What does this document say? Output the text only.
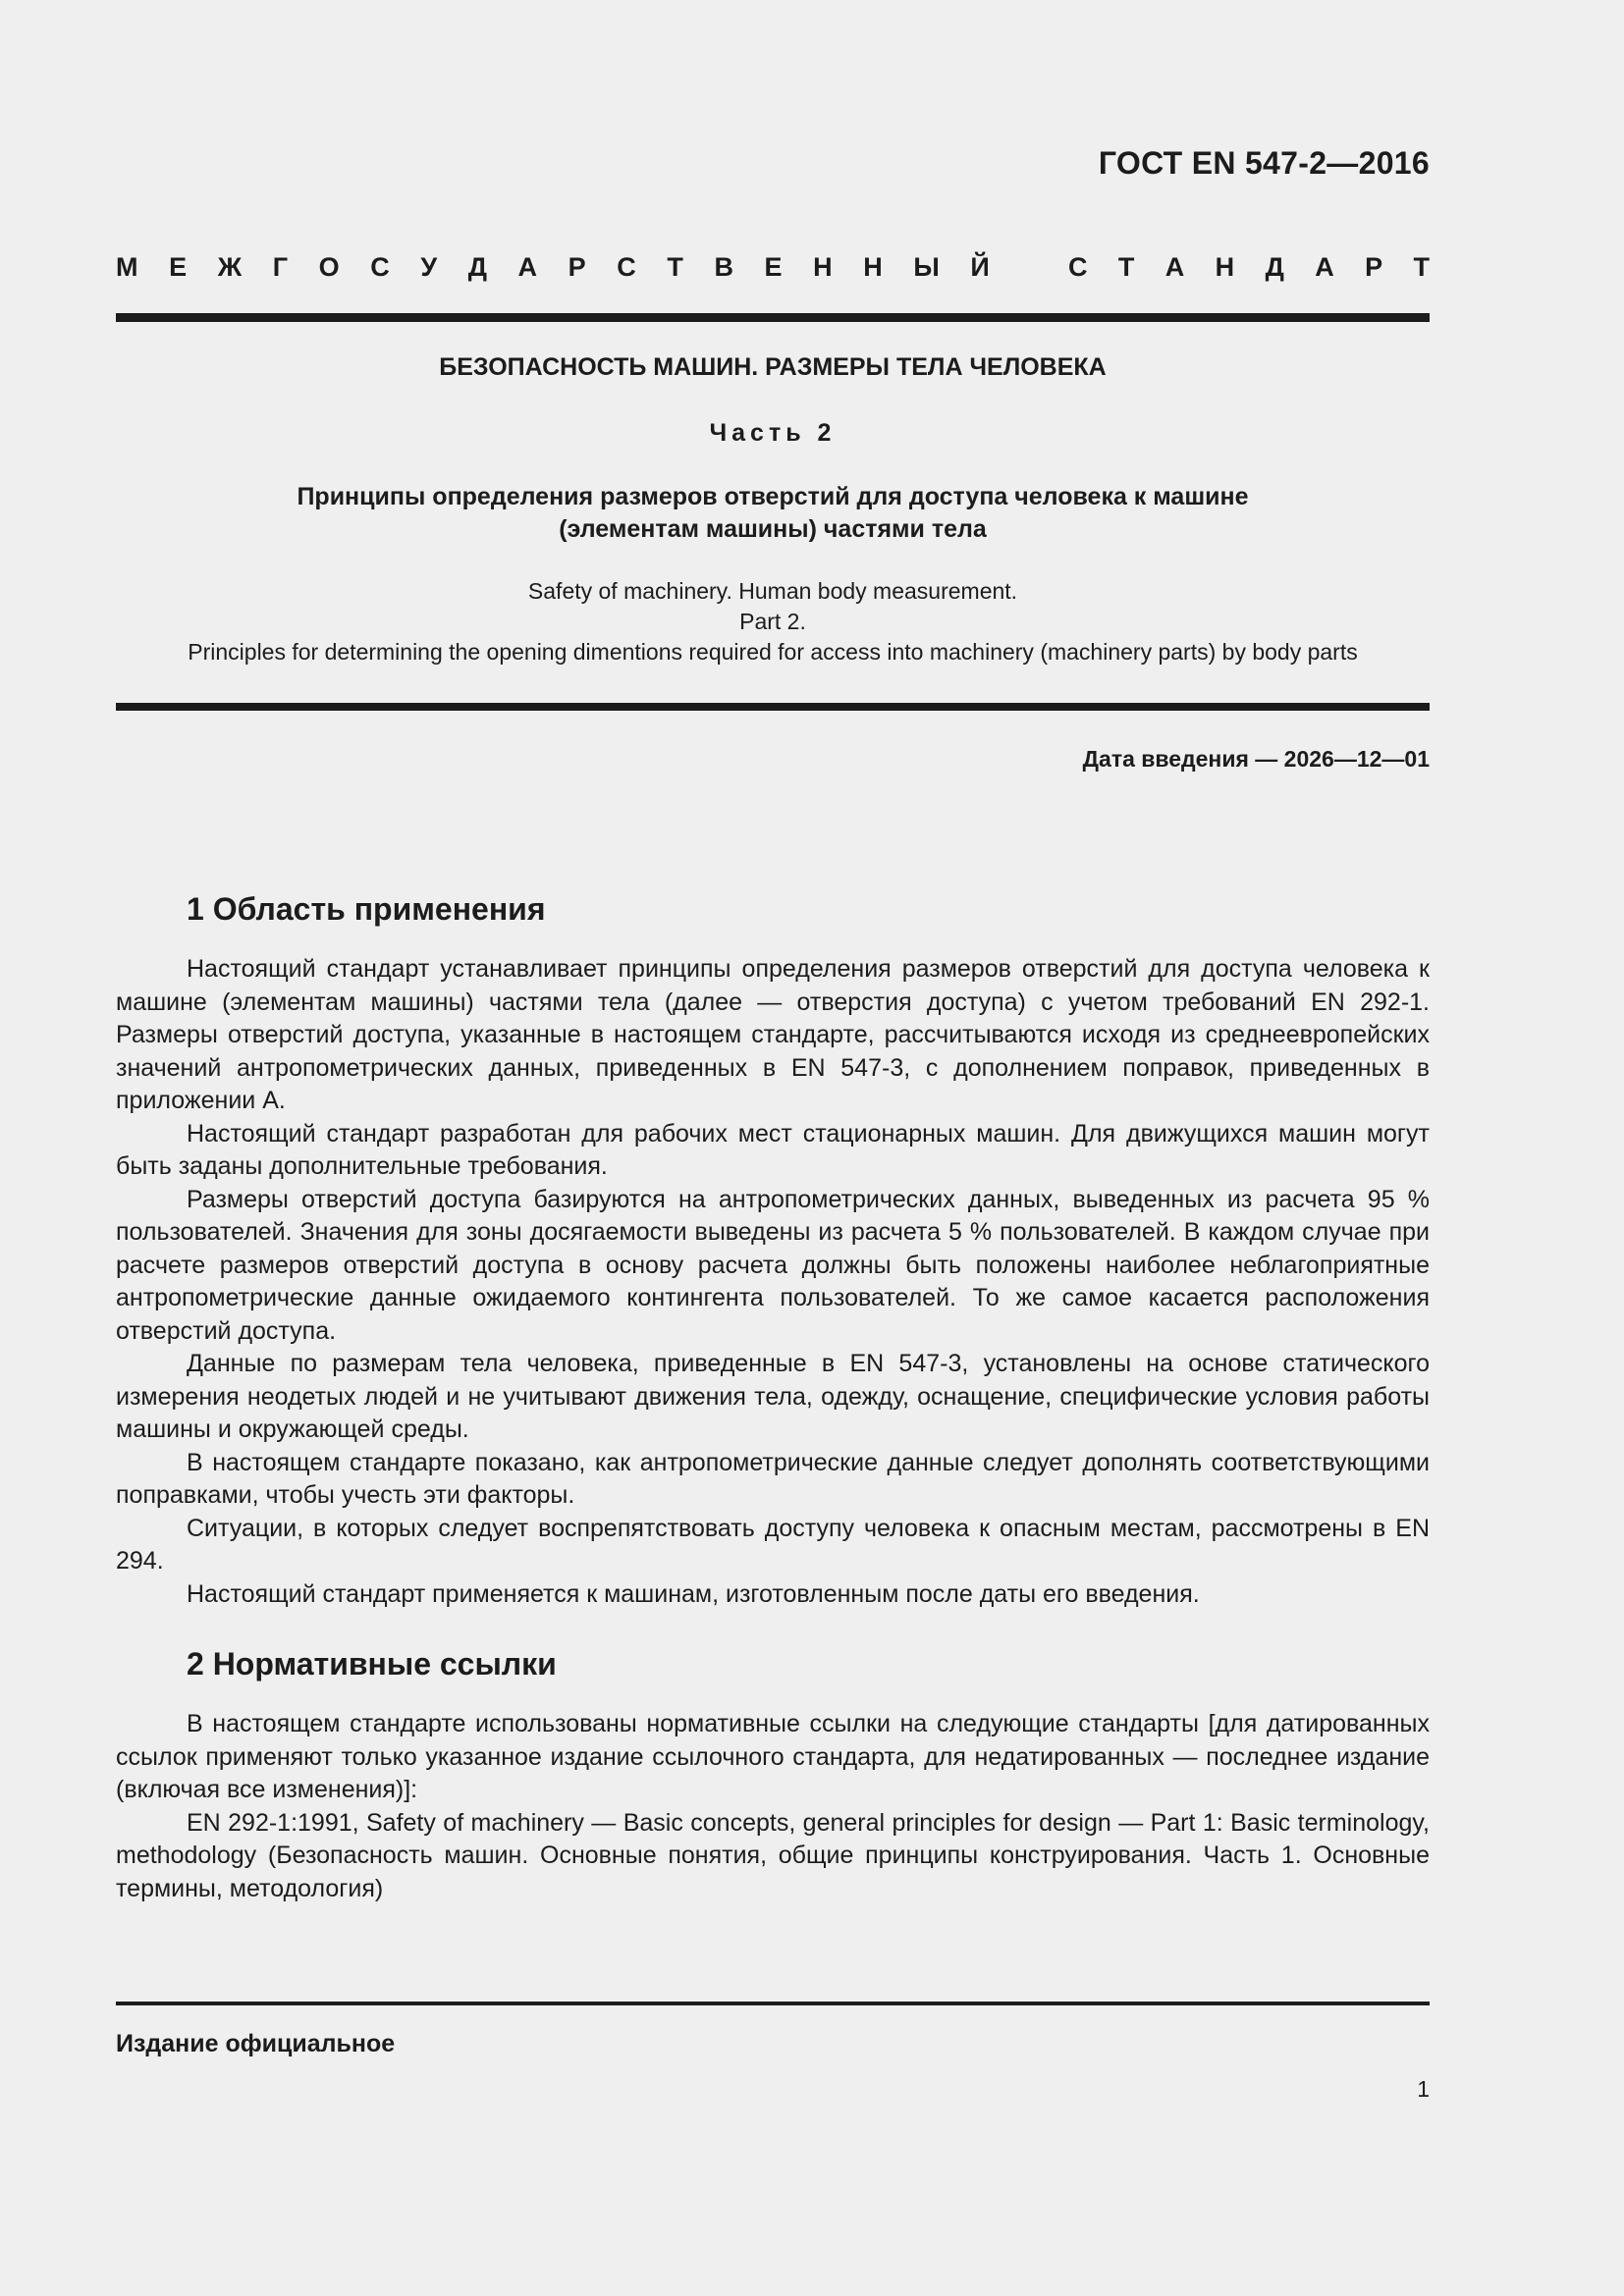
ГОСТ EN 547-2—2016
М Е Ж Г О С У Д А Р С Т В Е Н Н Ы Й	С Т А Н Д А Р Т
БЕЗОПАСНОСТЬ МАШИН. РАЗМЕРЫ ТЕЛА ЧЕЛОВЕКА
Часть 2
Принципы определения размеров отверстий для доступа человека к машине
(элементам машины) частями тела
Safety of machinery. Human body measurement.
Part 2.
Principles for determining the opening dimentions required for access into machinery (machinery parts) by body parts
Дата введения — 2026—12—01
1 Область применения

Настоящий стандарт устанавливает принципы определения размеров отверстий для доступа человека к машине (элементам машины) частями тела (далее — отверстия доступа) с учетом требований EN 292-1. Размеры отверстий доступа, указанные в настоящем стандарте, рассчитываются исходя из среднеевропейских значений антропометрических данных, приведенных в EN 547-3, с дополнением поправок, приведенных в приложении А.

Настоящий стандарт разработан для рабочих мест стационарных машин. Для движущихся машин могут быть заданы дополнительные требования.

Размеры отверстий доступа базируются на антропометрических данных, выведенных из расчета 95 % пользователей. Значения для зоны досягаемости выведены из расчета 5 % пользователей. В каждом случае при расчете размеров отверстий доступа в основу расчета должны быть положены наиболее неблагоприятные антропометрические данные ожидаемого контингента пользователей. То же самое касается расположения отверстий доступа.

Данные по размерам тела человека, приведенные в EN 547-3, установлены на основе статического измерения неодетых людей и не учитывают движения тела, одежду, оснащение, специфические условия работы машины и окружающей среды.

В настоящем стандарте показано, как антропометрические данные следует дополнять соответствующими поправками, чтобы учесть эти факторы.

Ситуации, в которых следует воспрепятствовать доступу человека к опасным местам, рассмотрены в EN 294.

Настоящий стандарт применяется к машинам, изготовленным после даты его введения.

2 Нормативные ссылки

В настоящем стандарте использованы нормативные ссылки на следующие стандарты [для датированных ссылок применяют только указанное издание ссылочного стандарта, для недатированных — последнее издание (включая все изменения)]:

EN 292-1:1991, Safety of machinery — Basic concepts, general principles for design — Part 1: Basic terminology, methodology (Безопасность машин. Основные понятия, общие принципы конструирования. Часть 1. Основные термины, методология)

Издание официальное
1
